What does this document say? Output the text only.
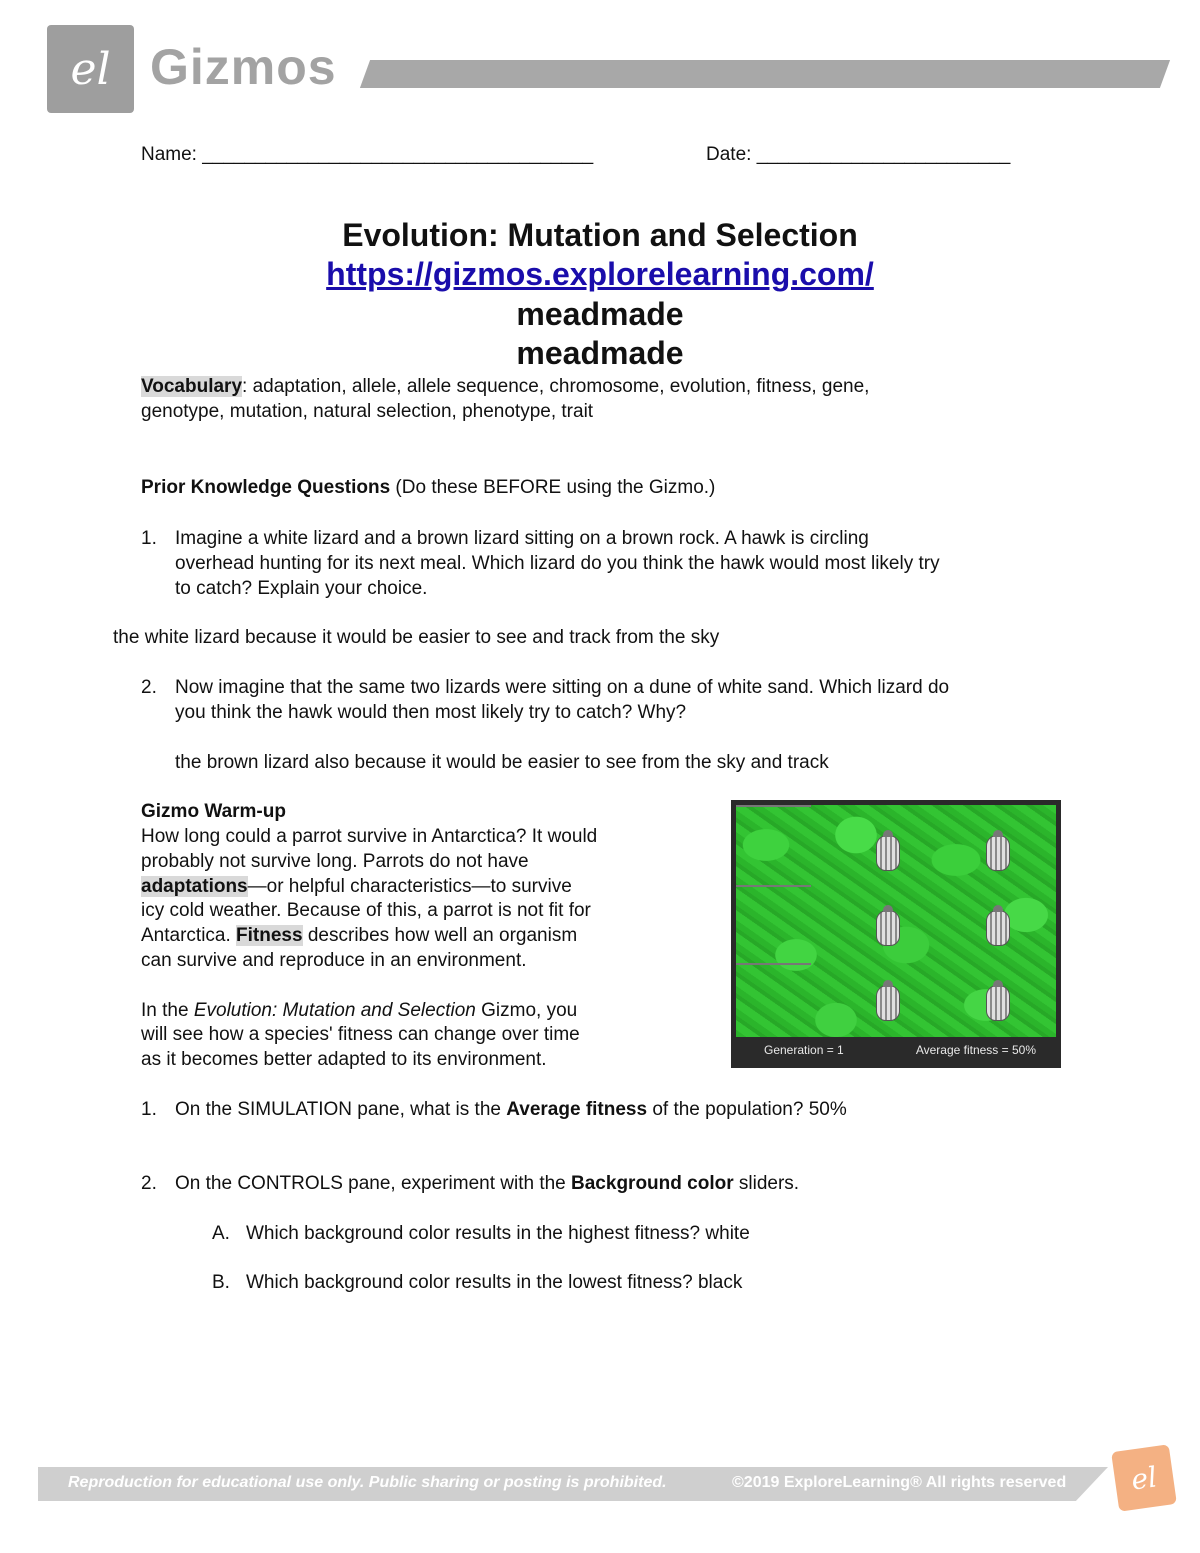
el Gizmos
Name: _____________________________________	Date: ________________________
Evolution: Mutation and Selection
https://gizmos.explorelearning.com/
meadmade
meadmade
Vocabulary: adaptation, allele, allele sequence, chromosome, evolution, fitness, gene,
genotype, mutation, natural selection, phenotype, trait
Prior Knowledge Questions (Do these BEFORE using the Gizmo.)
1. Imagine a white lizard and a brown lizard sitting on a brown rock. A hawk is circling
overhead hunting for its next meal. Which lizard do you think the hawk would most likely try
to catch? Explain your choice.
the white lizard because it would be easier to see and track from the sky
2. Now imagine that the same two lizards were sitting on a dune of white sand. Which lizard do
you think the hawk would then most likely try to catch? Why?
the brown lizard also because it would be easier to see from the sky and track
Gizmo Warm-up
How long could a parrot survive in Antarctica? It would
probably not survive long. Parrots do not have
adaptations—or helpful characteristics—to survive
icy cold weather. Because of this, a parrot is not fit for
Antarctica. Fitness describes how well an organism
can survive and reproduce in an environment.
In the Evolution: Mutation and Selection Gizmo, you
will see how a species' fitness can change over time
as it becomes better adapted to its environment.	Generation = 1	Average fitness = 50%
1. On the SIMULATION pane, what is the Average fitness of the population? 50%
2. On the CONTROLS pane, experiment with the Background color sliders.
A. Which background color results in the highest fitness? white
B. Which background color results in the lowest fitness? black
Reproduction for educational use only. Public sharing or posting is prohibited.	©2019 ExploreLearning® All rights reserved el
